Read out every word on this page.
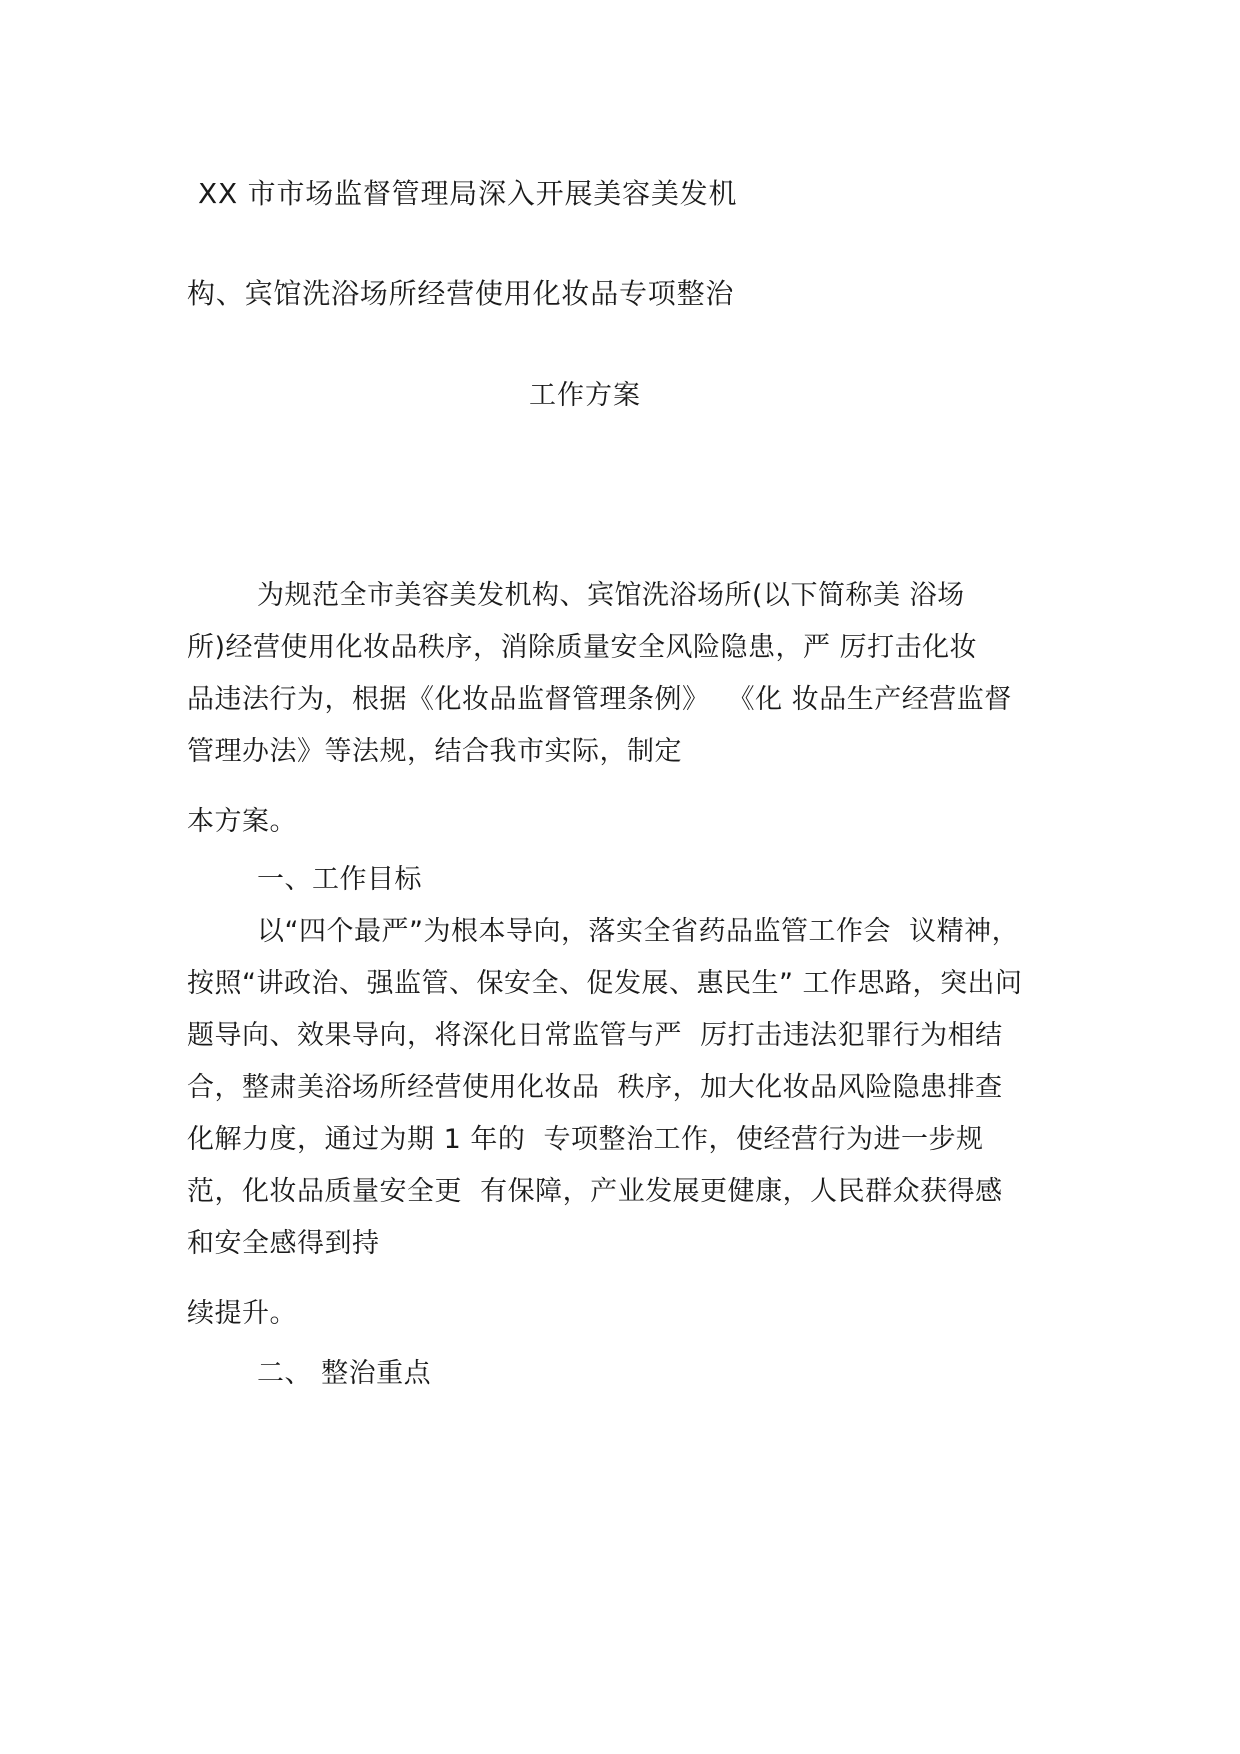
XX 市市场监督管理局深入开展美容美发机
构、宾馆洗浴场所经营使用化妆品专项整治
工作方案
为规范全市美容美发机构、宾馆洗浴场所(以下简称美 浴场
所)经营使用化妆品秩序，消除质量安全风险隐患，严 厉打击化妆
品违法行为，根据《化妆品监督管理条例》  《化 妆品生产经营监督
管理办法》等法规，结合我市实际，制定
本方案。
一、工作目标
以“四个最严”为根本导向，落实全省药品监管工作会  议精神，
按照“讲政治、强监管、保安全、促发展、惠民生” 工作思路，突出问
题导向、效果导向，将深化日常监管与严  厉打击违法犯罪行为相结
合，整肃美浴场所经营使用化妆品  秩序，加大化妆品风险隐患排查
化解力度，通过为期 1 年的  专项整治工作，使经营行为进一步规
范，化妆品质量安全更  有保障，产业发展更健康，人民群众获得感
和安全感得到持
续提升。
二、 整治重点
